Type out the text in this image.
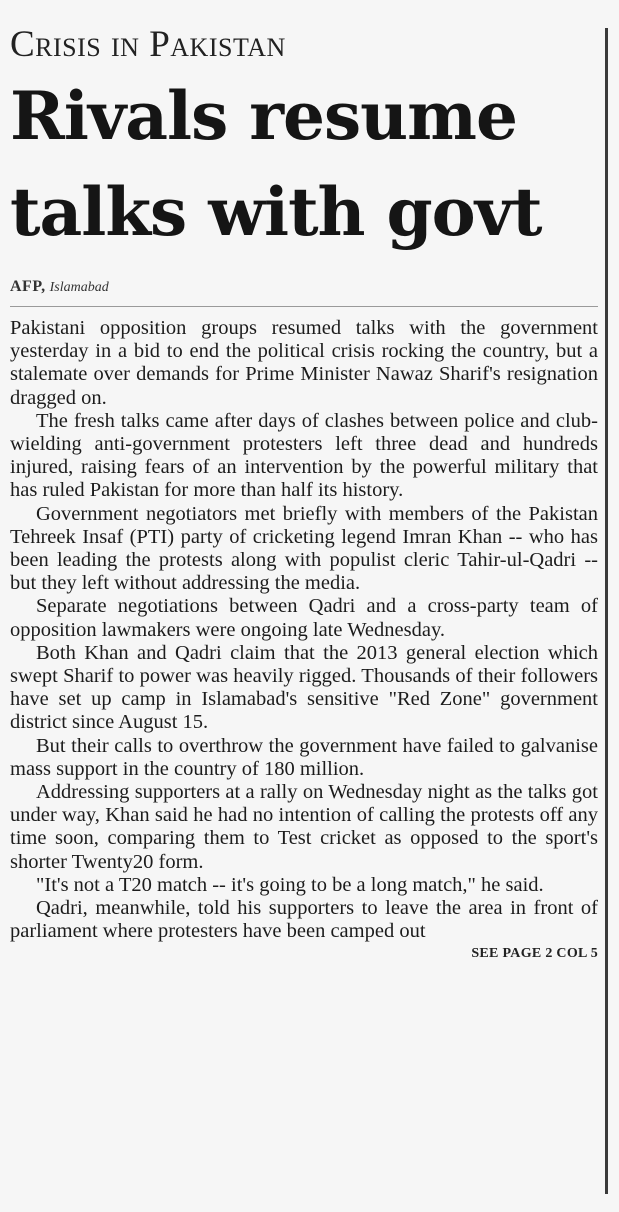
Crisis in Pakistan
Rivals resume
talks with govt
AFP, Islamabad

Pakistani opposition groups resumed talks with the government yesterday in a bid to end the political crisis rocking the country, but a stalemate over demands for Prime Minister Nawaz Sharif's resignation dragged on.

The fresh talks came after days of clashes between police and club-wielding anti-government protesters left three dead and hundreds injured, raising fears of an intervention by the powerful military that has ruled Pakistan for more than half its history.

Government negotiators met briefly with members of the Pakistan Tehreek Insaf (PTI) party of cricketing legend Imran Khan -- who has been leading the protests along with populist cleric Tahir-ul-Qadri -- but they left without addressing the media.

Separate negotiations between Qadri and a cross-party team of opposition lawmakers were ongoing late Wednesday.

Both Khan and Qadri claim that the 2013 general election which swept Sharif to power was heavily rigged. Thousands of their followers have set up camp in Islamabad's sensitive "Red Zone" government district since August 15.

But their calls to overthrow the government have failed to galvanise mass support in the country of 180 million.

Addressing supporters at a rally on Wednesday night as the talks got under way, Khan said he had no intention of calling the protests off any time soon, comparing them to Test cricket as opposed to the sport's shorter Twenty20 form.

"It's not a T20 match -- it's going to be a long match," he said.

Qadri, meanwhile, told his supporters to leave the area in front of parliament where protesters have been camped out

SEE PAGE 2 COL 5
